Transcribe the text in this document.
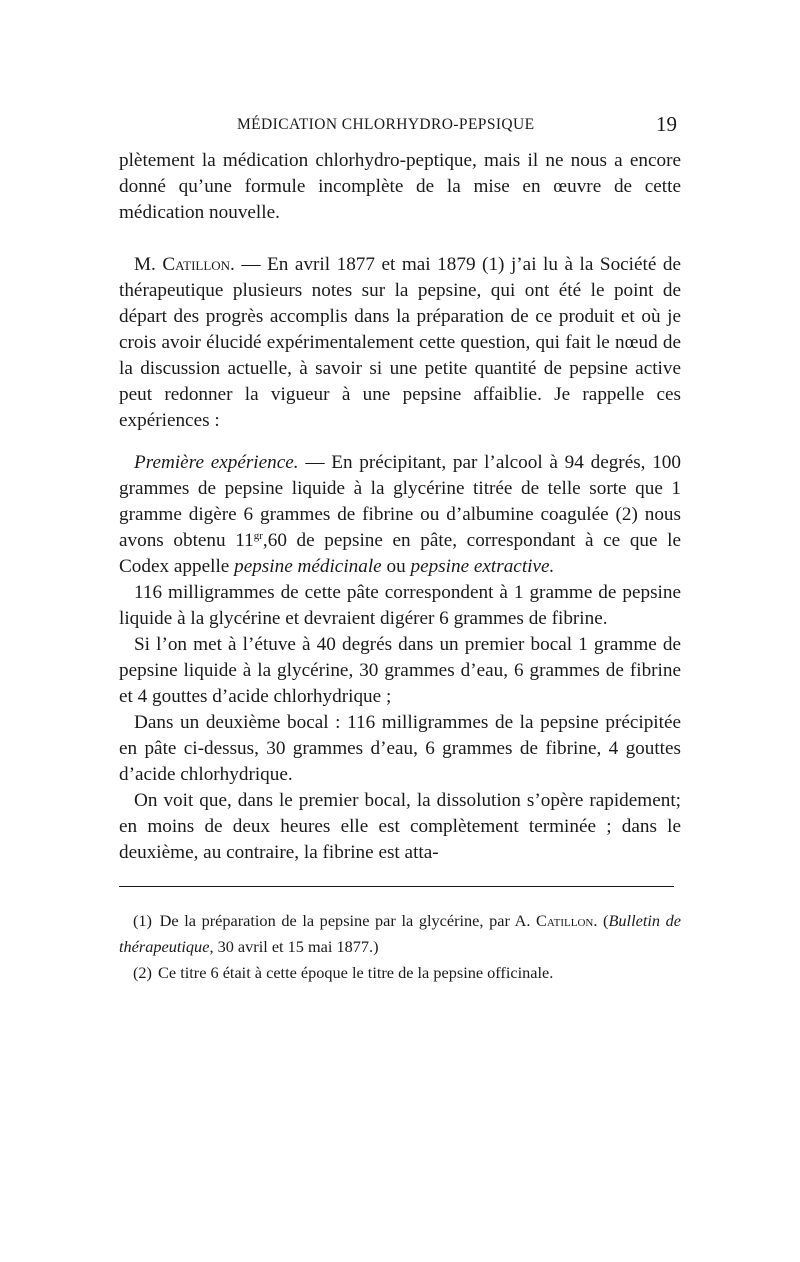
MÉDICATION CHLORHYDRO-PEPSIQUE	19

plètement la médication chlorhydro-peptique, mais il ne nous a encore donné qu’une formule incomplète de la mise en œuvre de cette médication nouvelle.

M. Catillon. — En avril 1877 et mai 1879 (1) j’ai lu à la Société de thérapeutique plusieurs notes sur la pepsine, qui ont été le point de départ des progrès accomplis dans la préparation de ce produit et où je crois avoir élucidé expérimentalement cette question, qui fait le nœud de la discussion actuelle, à savoir si une petite quantité de pepsine active peut redonner la vigueur à une pepsine affaiblie. Je rappelle ces expériences :

Première expérience. — En précipitant, par l’alcool à 94 degrés, 100 grammes de pepsine liquide à la glycérine titrée de telle sorte que 1 gramme digère 6 grammes de fibrine ou d’albumine coagulée (2) nous avons obtenu $11^{gr},60$ de pepsine en pâte, correspondant à ce que le Codex appelle pepsine médicinale ou pepsine extractive.

116 milligrammes de cette pâte correspondent à 1 gramme de pepsine liquide à la glycérine et devraient digérer 6 grammes de fibrine.

Si l’on met à l’étuve à 40 degrés dans un premier bocal 1 gramme de pepsine liquide à la glycérine, 30 grammes d’eau, 6 grammes de fibrine et 4 gouttes d’acide chlorhydrique ;

Dans un deuxième bocal : 116 milligrammes de la pepsine précipitée en pâte ci-dessus, 30 grammes d’eau, 6 grammes de fibrine, 4 gouttes d’acide chlorhydrique.

On voit que, dans le premier bocal, la dissolution s’opère rapidement; en moins de deux heures elle est complètement terminée ; dans le deuxième, au contraire, la fibrine est atta-

(1) De la préparation de la pepsine par la glycérine, par A. Catillon. (Bulletin de thérapeutique, 30 avril et 15 mai 1877.)

(2) Ce titre 6 était à cette époque le titre de la pepsine officinale.
